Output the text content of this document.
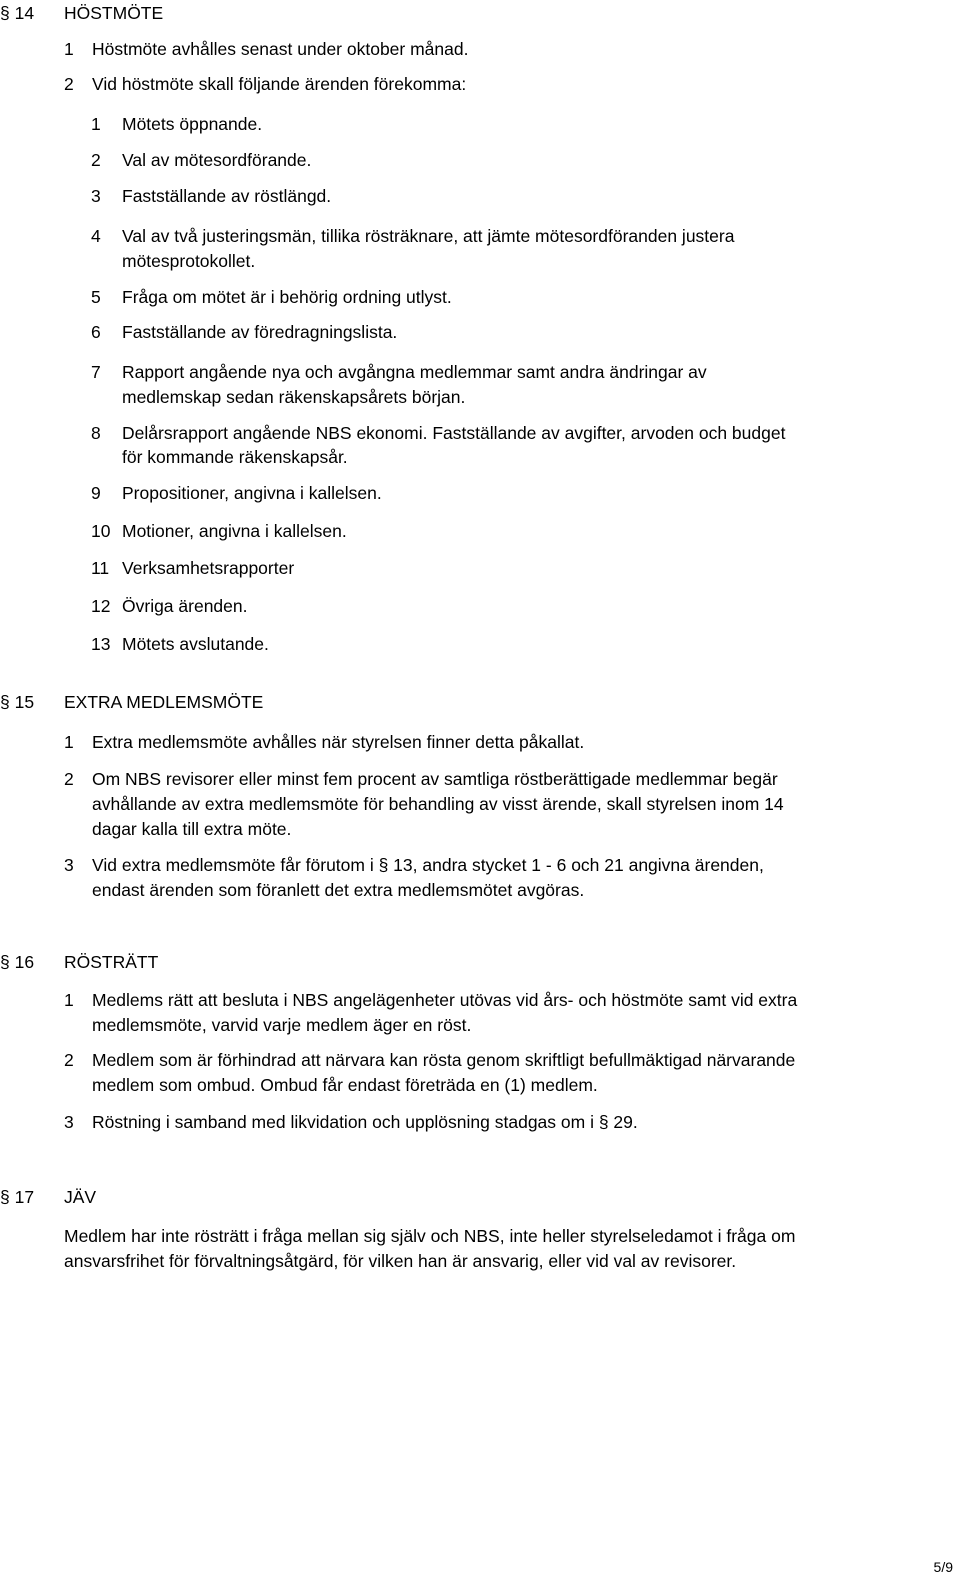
§ 14	HÖSTMÖTE
1 Höstmöte avhålles senast under oktober månad.
2 Vid höstmöte skall följande ärenden förekomma:
1 Mötets öppnande.
2 Val av mötesordförande.
3 Fastställande av röstlängd.
4 Val av två justeringsmän, tillika rösträknare, att jämte mötesordföranden justera
mötesprotokollet.
5 Fråga om mötet är i behörig ordning utlyst.
6 Fastställande av föredragningslista.
7 Rapport angående nya och avgångna medlemmar samt andra ändringar av
medlemskap sedan räkenskapsårets början.
8 Delårsrapport angående NBS ekonomi. Fastställande av avgifter, arvoden och budget
för kommande räkenskapsår.
9 Propositioner, angivna i kallelsen.
10 Motioner, angivna i kallelsen.
11 Verksamhetsrapporter
12 Övriga ärenden.
13 Mötets avslutande.
§ 15	EXTRA MEDLEMSMÖTE
1 Extra medlemsmöte avhålles när styrelsen finner detta påkallat.
2 Om NBS revisorer eller minst fem procent av samtliga röstberättigade medlemmar begär
avhållande av extra medlemsmöte för behandling av visst ärende, skall styrelsen inom 14
dagar kalla till extra möte.
3 Vid extra medlemsmöte får förutom i § 13, andra stycket 1 - 6 och 21 angivna ärenden,
endast ärenden som föranlett det extra medlemsmötet avgöras.
§ 16	RÖSTRÄTT
1 Medlems rätt att besluta i NBS angelägenheter utövas vid års- och höstmöte samt vid extra
medlemsmöte, varvid varje medlem äger en röst.
2 Medlem som är förhindrad att närvara kan rösta genom skriftligt befullmäktigad närvarande
medlem som ombud. Ombud får endast företräda en (1) medlem.
3 Röstning i samband med likvidation och upplösning stadgas om i § 29.
§ 17	JÄV
Medlem har inte rösträtt i fråga mellan sig själv och NBS, inte heller styrelseledamot i fråga om
ansvarsfrihet för förvaltningsåtgärd, för vilken han är ansvarig, eller vid val av revisorer.
5/9
